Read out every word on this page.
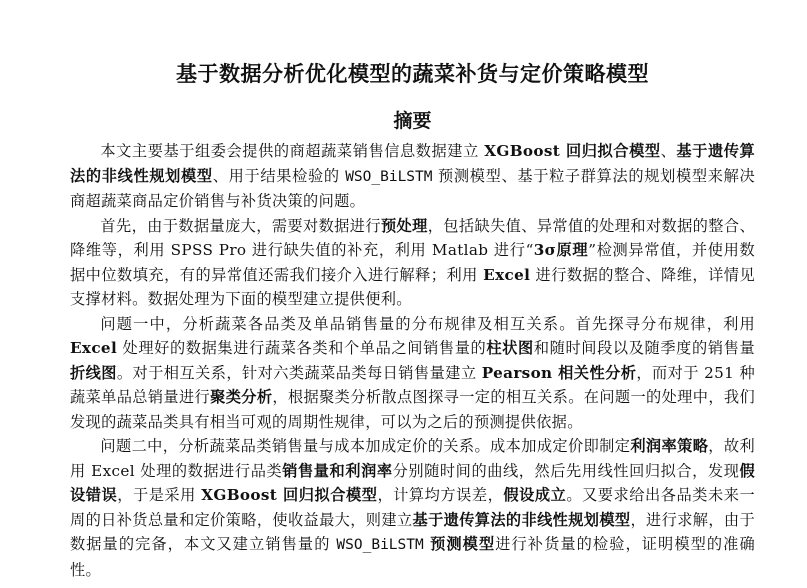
基于数据分析优化模型的蔬菜补货与定价策略模型
摘要

本文主要基于组委会提供的商超蔬菜销售信息数据建立 XGBoost 回归拟合模型、基于遗传算法的非线性规划模型、用于结果检验的 WSO_BiLSTM 预测模型、基于粒子群算法的规划模型来解决商超蔬菜商品定价销售与补货决策的问题。

首先，由于数据量庞大，需要对数据进行预处理，包括缺失值、异常值的处理和对数据的整合、降维等，利用 SPSS Pro 进行缺失值的补充，利用 Matlab 进行“3σ原理”检测异常值，并使用数据中位数填充，有的异常值还需我们接介入进行解释；利用 Excel 进行数据的整合、降维，详情见支撑材料。数据处理为下面的模型建立提供便利。

问题一中，分析蔬菜各品类及单品销售量的分布规律及相互关系。首先探寻分布规律，利用 Excel 处理好的数据集进行蔬菜各类和个单品之间销售量的柱状图和随时间段以及随季度的销售量折线图。对于相互关系，针对六类蔬菜品类每日销售量建立 Pearson 相关性分析，而对于 251 种蔬菜单品总销量进行聚类分析，根据聚类分析散点图探寻一定的相互关系。在问题一的处理中，我们发现的蔬菜品类具有相当可观的周期性规律，可以为之后的预测提供依据。

问题二中，分析蔬菜品类销售量与成本加成定价的关系。成本加成定价即制定利润率策略，故利用 Excel 处理的数据进行品类销售量和利润率分别随时间的曲线，然后先用线性回归拟合，发现假设错误，于是采用 XGBoost 回归拟合模型，计算均方误差，假设成立。又要求给出各品类未来一周的日补货总量和定价策略，使收益最大，则建立基于遗传算法的非线性规划模型，进行求解，由于数据量的完备，本文又建立销售量的 WSO_BiLSTM 预测模型进行补货量的检验，证明模型的准确性。
